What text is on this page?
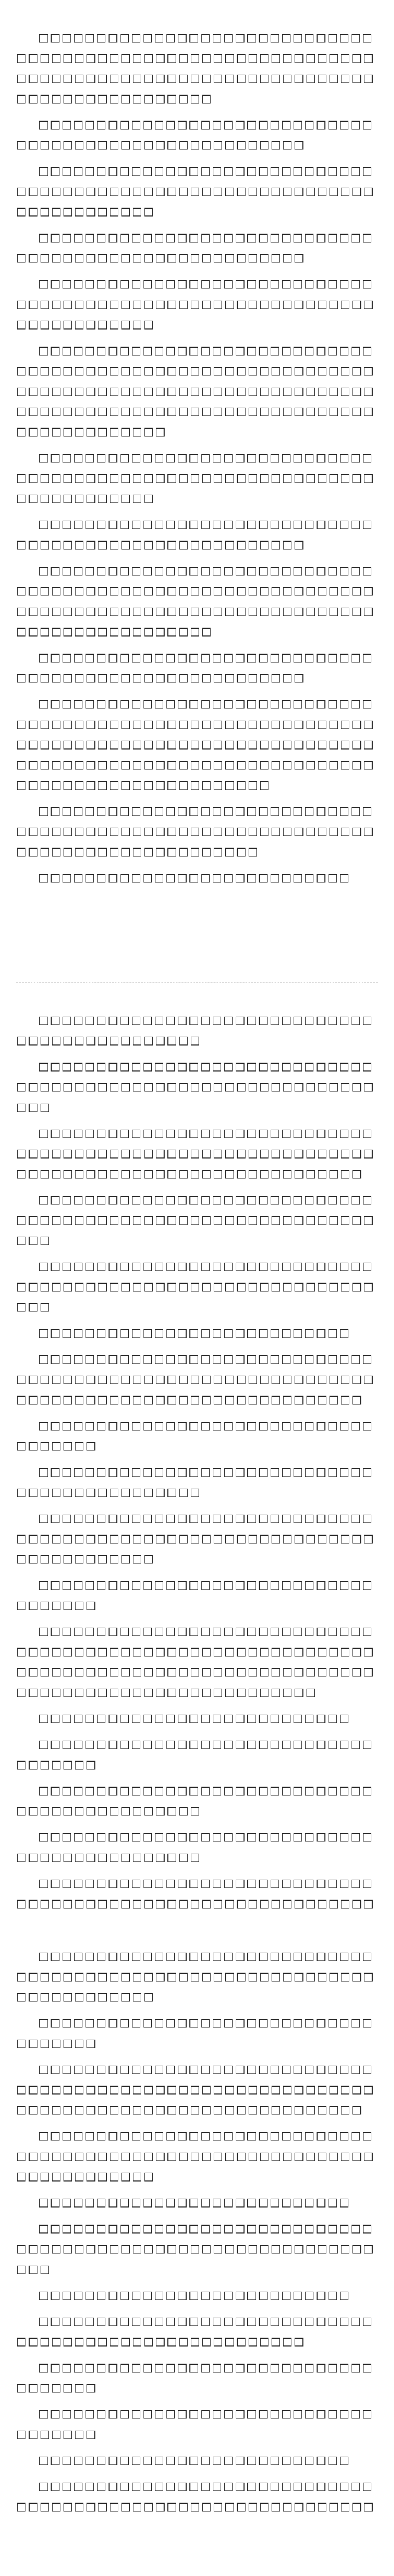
□□□□□□□□□□□□□□□□□□□□□□□□□□□□□□□□□□□□□□□□□□□□□□□□□□□□□□□□□□□□□□□□□□□□□□□□□□□□□□□□□□□□□□□□□□□□□□□□□□□□□□□□□□□□

□□□□□□□□□□□□□□□□□□□□□□□□□□□□□□□□□□□□□□□□□□□□□□□□□□□□□□

□□□□□□□□□□□□□□□□□□□□□□□□□□□□□□□□□□□□□□□□□□□□□□□□□□□□□□□□□□□□□□□□□□□□□□□□

□□□□□□□□□□□□□□□□□□□□□□□□□□□□□□□□□□□□□□□□□□□□□□□□□□□□□□

□□□□□□□□□□□□□□□□□□□□□□□□□□□□□□□□□□□□□□□□□□□□□□□□□□□□□□□□□□□□□□□□□□□□□□□□

□□□□□□□□□□□□□□□□□□□□□□□□□□□□□□□□□□□□□□□□□□□□□□□□□□□□□□□□□□□□□□□□□□□□□□□□□□□□□□□□□□□□□□□□□□□□□□□□□□□□□□□□□□□□□□□□□□□□□□□□□□□□□□□□□□□□□□□

□□□□□□□□□□□□□□□□□□□□□□□□□□□□□□□□□□□□□□□□□□□□□□□□□□□□□□□□□□□□□□□□□□□□□□□□

□□□□□□□□□□□□□□□□□□□□□□□□□□□□□□□□□□□□□□□□□□□□□□□□□□□□□□

□□□□□□□□□□□□□□□□□□□□□□□□□□□□□□□□□□□□□□□□□□□□□□□□□□□□□□□□□□□□□□□□□□□□□□□□□□□□□□□□□□□□□□□□□□□□□□□□□□□□□□□□□□□□

□□□□□□□□□□□□□□□□□□□□□□□□□□□□□□□□□□□□□□□□□□□□□□□□□□□□□□

□□□□□□□□□□□□□□□□□□□□□□□□□□□□□□□□□□□□□□□□□□□□□□□□□□□□□□□□□□□□□□□□□□□□□□□□□□□□□□□□□□□□□□□□□□□□□□□□□□□□□□□□□□□□□□□□□□□□□□□□□□□□□□□□□□□□□□□□□□□□□□□□

□□□□□□□□□□□□□□□□□□□□□□□□□□□□□□□□□□□□□□□□□□□□□□□□□□□□□□□□□□□□□□□□□□□□□□□□□□□□□□□□□

□□□□□□□□□□□□□□□□□□□□□□□□□□□

□□□□□□□□□□□□□□□□□□□□□□□□□□□□□□□□□□□□□□□□□□□□□

□□□□□□□□□□□□□□□□□□□□□□□□□□□□□□□□□□□□□□□□□□□□□□□□□□□□□□□□□□□□□□□

□□□□□□□□□□□□□□□□□□□□□□□□□□□□□□□□□□□□□□□□□□□□□□□□□□□□□□□□□□□□□□□□□□□□□□□□□□□□□□□□□□□□□□□□□□

□□□□□□□□□□□□□□□□□□□□□□□□□□□□□□□□□□□□□□□□□□□□□□□□□□□□□□□□□□□□□□□

□□□□□□□□□□□□□□□□□□□□□□□□□□□□□□□□□□□□□□□□□□□□□□□□□□□□□□□□□□□□□□□

□□□□□□□□□□□□□□□□□□□□□□□□□□□

□□□□□□□□□□□□□□□□□□□□□□□□□□□□□□□□□□□□□□□□□□□□□□□□□□□□□□□□□□□□□□□□□□□□□□□□□□□□□□□□□□□□□□□□□□

□□□□□□□□□□□□□□□□□□□□□□□□□□□□□□□□□□□□

□□□□□□□□□□□□□□□□□□□□□□□□□□□□□□□□□□□□□□□□□□□□□

□□□□□□□□□□□□□□□□□□□□□□□□□□□□□□□□□□□□□□□□□□□□□□□□□□□□□□□□□□□□□□□□□□□□□□□□

□□□□□□□□□□□□□□□□□□□□□□□□□□□□□□□□□□□□

□□□□□□□□□□□□□□□□□□□□□□□□□□□□□□□□□□□□□□□□□□□□□□□□□□□□□□□□□□□□□□□□□□□□□□□□□□□□□□□□□□□□□□□□□□□□□□□□□□□□□□□□□□□□□□□□□□□□□

□□□□□□□□□□□□□□□□□□□□□□□□□□□

□□□□□□□□□□□□□□□□□□□□□□□□□□□□□□□□□□□□

□□□□□□□□□□□□□□□□□□□□□□□□□□□□□□□□□□□□□□□□□□□□□

□□□□□□□□□□□□□□□□□□□□□□□□□□□□□□□□□□□□□□□□□□□□□

□□□□□□□□□□□□□□□□□□□□□□□□□□□□□□□□□□□□□□□□□□□□□□□□□□□□□□□□□□□□

□□□□□□□□□□□□□□□□□□□□□□□□□□□□□□□□□□□□□□□□□□□□□□□□□□□□□□□□□□□□□□□□□□□□□□□□

□□□□□□□□□□□□□□□□□□□□□□□□□□□□□□□□□□□□

□□□□□□□□□□□□□□□□□□□□□□□□□□□□□□□□□□□□□□□□□□□□□□□□□□□□□□□□□□□□□□□□□□□□□□□□□□□□□□□□□□□□□□□□□□

□□□□□□□□□□□□□□□□□□□□□□□□□□□□□□□□□□□□□□□□□□□□□□□□□□□□□□□□□□□□□□□□□□□□□□□□

□□□□□□□□□□□□□□□□□□□□□□□□□□□

□□□□□□□□□□□□□□□□□□□□□□□□□□□□□□□□□□□□□□□□□□□□□□□□□□□□□□□□□□□□□□□

□□□□□□□□□□□□□□□□□□□□□□□□□□□

□□□□□□□□□□□□□□□□□□□□□□□□□□□□□□□□□□□□□□□□□□□□□□□□□□□□□□

□□□□□□□□□□□□□□□□□□□□□□□□□□□□□□□□□□□□

□□□□□□□□□□□□□□□□□□□□□□□□□□□□□□□□□□□□

□□□□□□□□□□□□□□□□□□□□□□□□□□□

□□□□□□□□□□□□□□□□□□□□□□□□□□□□□□□□□□□□□□□□□□□□□□□□□□□□□□□□□□□□
